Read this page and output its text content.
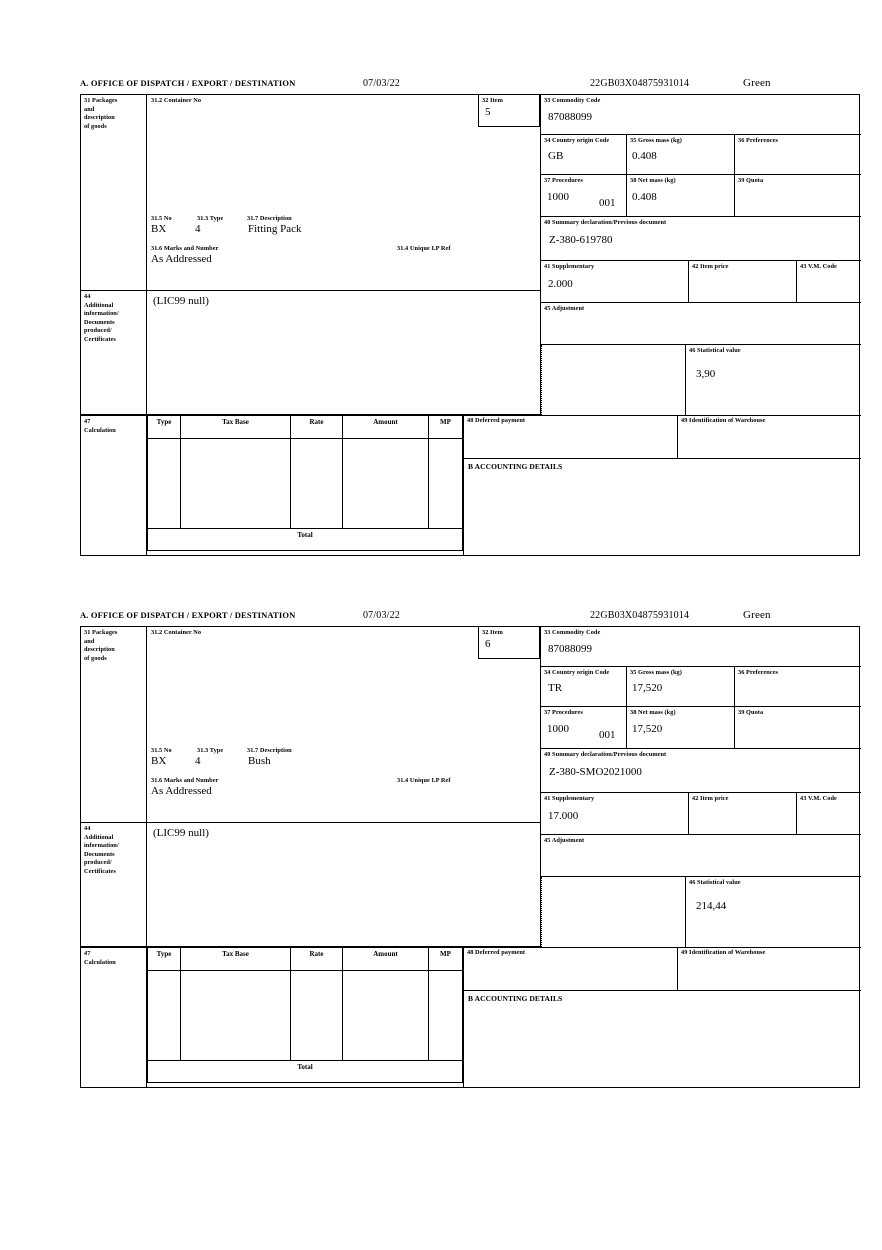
A. OFFICE OF DISPATCH / EXPORT / DESTINATION	07/03/22	22GB03X04875931014	Green
31 Packages
and
description
of goods
31.2 Container No
31.5 No	31.3 Type	31.7 Description
BX	4	Fitting Pack
31.6 Marks and Number	31.4 Unique I.P Ref
As Addressed
32 Item
5
33 Commodity Code
87088099
34 Country origin Code
GB
35 Gross mass (kg)
0.408
36 Preferences
37 Procedures
1000
001
38 Net mass (kg)
0.408
39 Quota
40 Summary declaration/Previous document
Z-380-619780
41 Supplementary
2.000
42 Item price	43 V.M. Code
45 Adjustment
46 Statistical value
3,90
44
Additional
information/
Documents
produced/
Certificates
(LIC99 null)
47
Calculation
Type	Tax Base	Rate	Amount	MP
Total
48 Deferred payment	49 Identification of Warehouse
B ACCOUNTING DETAILS
A. OFFICE OF DISPATCH / EXPORT / DESTINATION	07/03/22	22GB03X04875931014	Green
31 Packages
and
description
of goods
31.2 Container No
31.5 No	31.3 Type	31.7 Description
BX	4	Bush
31.6 Marks and Number	31.4 Unique I.P Ref
As Addressed
32 Item
6
33 Commodity Code
87088099
34 Country origin Code
TR
35 Gross mass (kg)
17,520
36 Preferences
37 Procedures
1000
001
38 Net mass (kg)
17,520
39 Quota
40 Summary declaration/Previous document
Z-380-SMO2021000
41 Supplementary
17.000
42 Item price	43 V.M. Code
45 Adjustment
46 Statistical value
214,44
44
Additional
information/
Documents
produced/
Certificates
(LIC99 null)
47
Calculation
Type	Tax Base	Rate	Amount	MP
Total
48 Deferred payment	49 Identification of Warehouse
B ACCOUNTING DETAILS
